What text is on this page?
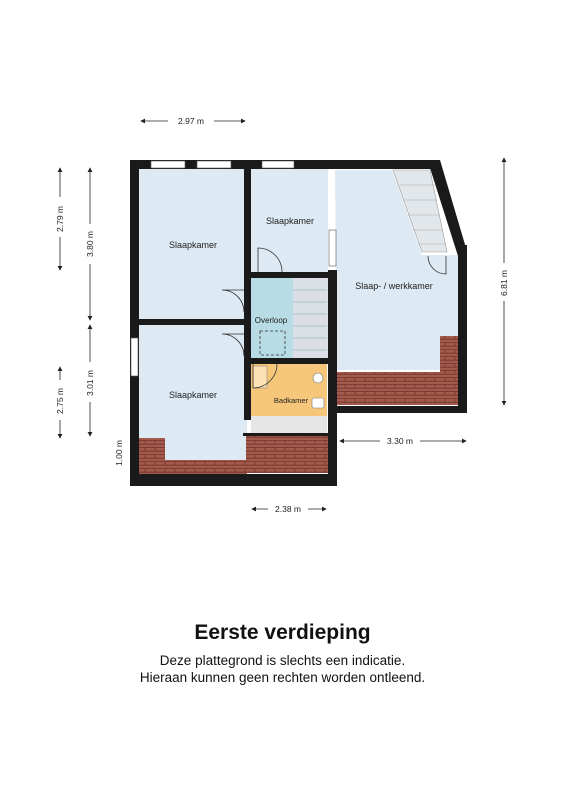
Slaapkamer
Slaapkamer
Slaapkamer
Slaap- / werkkamer
Overloop
Badkamer
2.97 m
2.79 m
3.80 m
3.01 m
2.75 m
1.00 m
6.81 m
3.30 m
2.38 m
Eerste verdieping
Deze plattegrond is slechts een indicatie.
Hieraan kunnen geen rechten worden ontleend.
